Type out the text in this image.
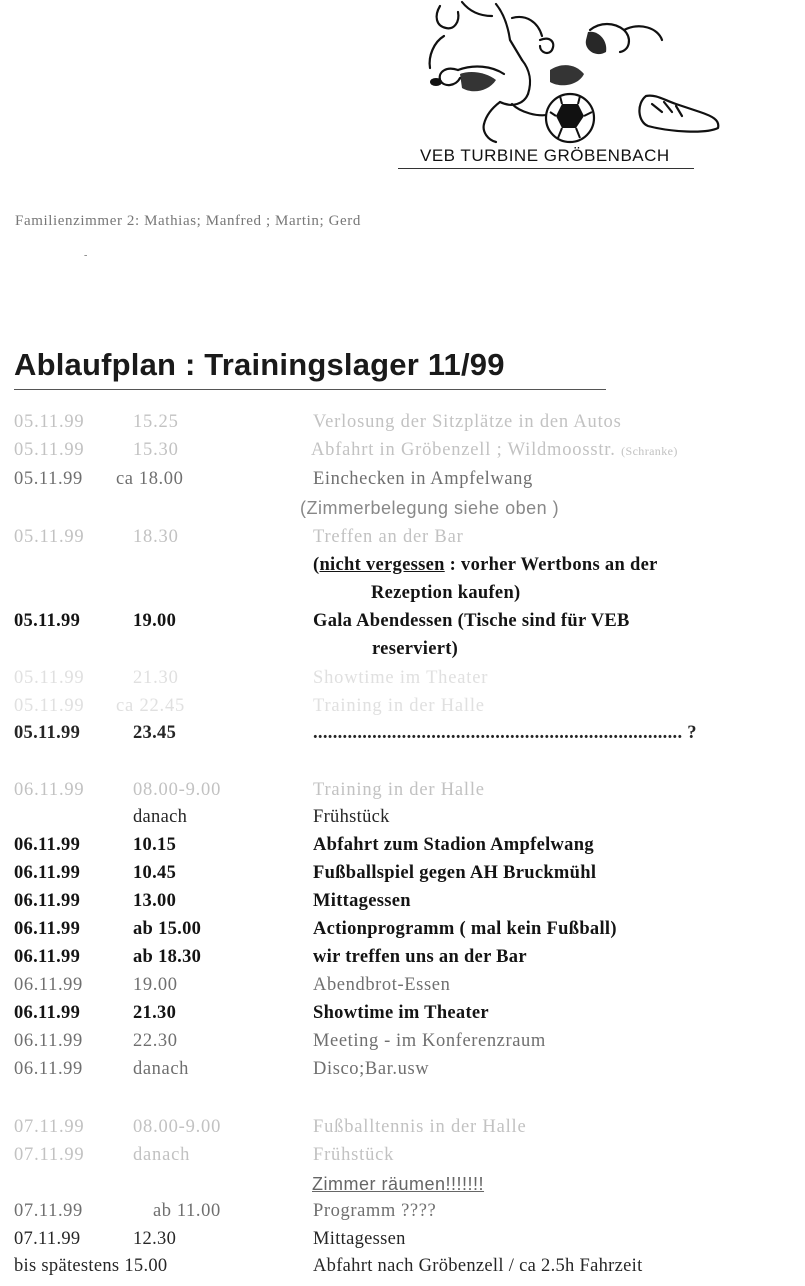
VEB TURBINE GRÖBENBACH
Familienzimmer 2: Mathias; Manfred ; Martin; Gerd
-
Ablaufplan : Trainingslager 11/99
05.11.99	15.25	Verlosung der Sitzplätze in den Autos
05.11.99	15.30	Abfahrt in Gröbenzell ; Wildmoosstr. (Schranke)
05.11.99 ca 18.00	Einchecken in Ampfelwang
(Zimmerbelegung siehe oben )
05.11.99	18.30	Treffen an der Bar
(nicht vergessen : vorher Wertbons an der
Rezeption kaufen)
05.11.99	19.00	Gala Abendessen (Tische sind für VEB
reserviert)
05.11.99	21.30	Showtime im Theater
05.11.99 ca 22.45	Training in der Halle
05.11.99	23.45	........................................................................... ?
06.11.99	08.00-9.00	Training in der Halle
danach	Frühstück
06.11.99	10.15	Abfahrt zum Stadion Ampfelwang
06.11.99	10.45	Fußballspiel gegen AH Bruckmühl
06.11.99	13.00	Mittagessen
06.11.99	ab 15.00	Actionprogramm ( mal kein Fußball)
06.11.99	ab 18.30	wir treffen uns an der Bar
06.11.99	19.00	Abendbrot-Essen
06.11.99	21.30	Showtime im Theater
06.11.99	22.30	Meeting - im Konferenzraum
06.11.99	danach	Disco;Bar.usw
07.11.99	08.00-9.00	Fußballtennis in der Halle
07.11.99	danach	Frühstück
Zimmer räumen!!!!!!!
07.11.99	ab 11.00	Programm ????
07.11.99	12.30	Mittagessen
bis spätestens 15.00	Abfahrt nach Gröbenzell / ca 2.5h Fahrzeit
